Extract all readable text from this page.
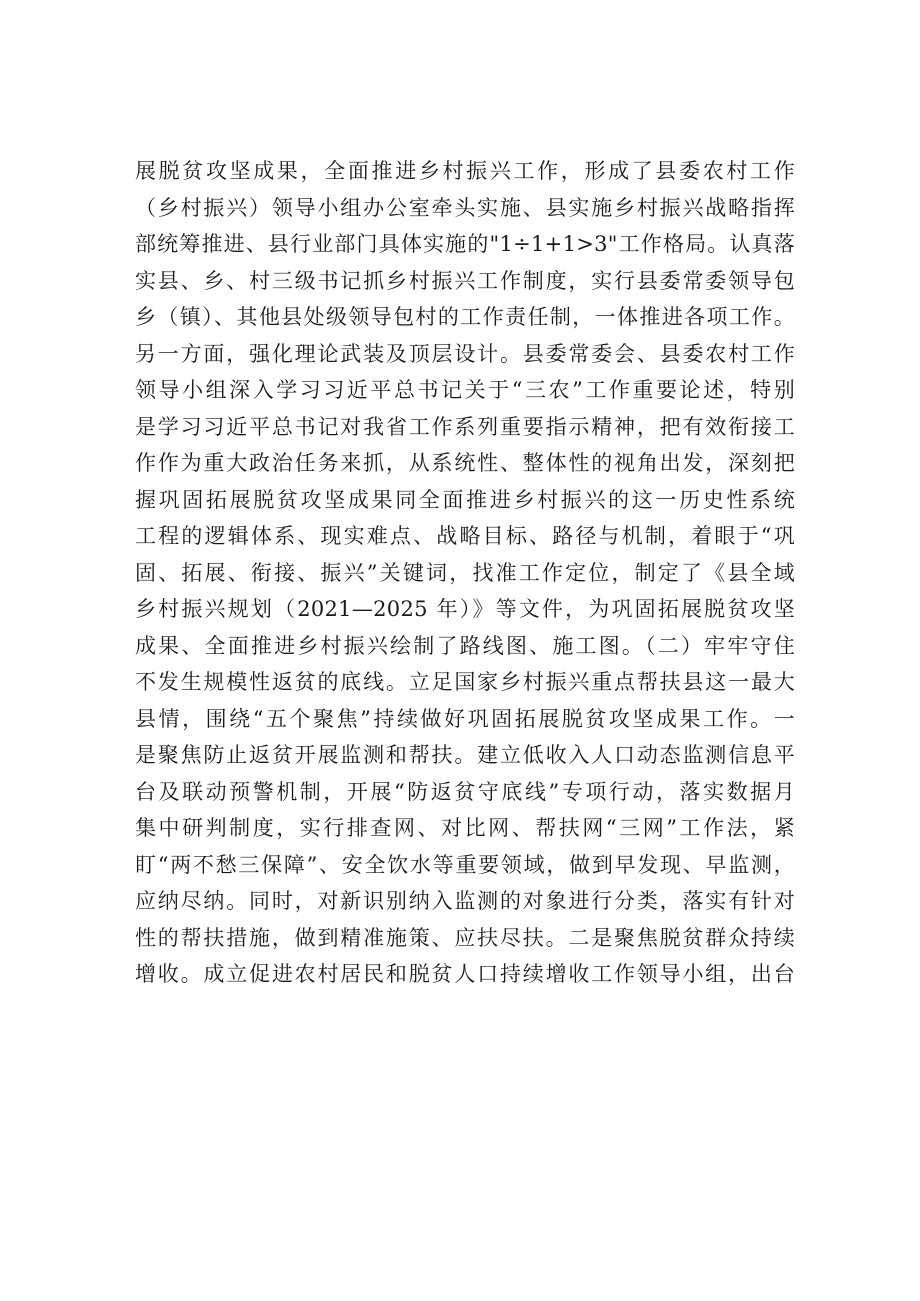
展脱贫攻坚成果，全面推进乡村振兴工作，形成了县委农村工作
（乡村振兴）领导小组办公室牵头实施、县实施乡村振兴战略指挥
部统筹推进、县行业部门具体实施的"1÷1+1>3"工作格局。认真落
实县、乡、村三级书记抓乡村振兴工作制度，实行县委常委领导包
乡（镇）、其他县处级领导包村的工作责任制，一体推进各项工作。
另一方面，强化理论武装及顶层设计。县委常委会、县委农村工作
领导小组深入学习习近平总书记关于“三农”工作重要论述，特别
是学习习近平总书记对我省工作系列重要指示精神，把有效衔接工
作作为重大政治任务来抓，从系统性、整体性的视角出发，深刻把
握巩固拓展脱贫攻坚成果同全面推进乡村振兴的这一历史性系统
工程的逻辑体系、现实难点、战略目标、路径与机制，着眼于“巩
固、拓展、衔接、振兴”关键词，找准工作定位，制定了《县全域
乡村振兴规划（2021—2025 年）》等文件，为巩固拓展脱贫攻坚
成果、全面推进乡村振兴绘制了路线图、施工图。（二）牢牢守住
不发生规模性返贫的底线。立足国家乡村振兴重点帮扶县这一最大
县情，围绕“五个聚焦”持续做好巩固拓展脱贫攻坚成果工作。一
是聚焦防止返贫开展监测和帮扶。建立低收入人口动态监测信息平
台及联动预警机制，开展“防返贫守底线”专项行动，落实数据月
集中研判制度，实行排查网、对比网、帮扶网“三网”工作法，紧
盯“两不愁三保障”、安全饮水等重要领域，做到早发现、早监测，
应纳尽纳。同时，对新识别纳入监测的对象进行分类，落实有针对
性的帮扶措施，做到精准施策、应扶尽扶。二是聚焦脱贫群众持续
增收。成立促进农村居民和脱贫人口持续增收工作领导小组，出台
